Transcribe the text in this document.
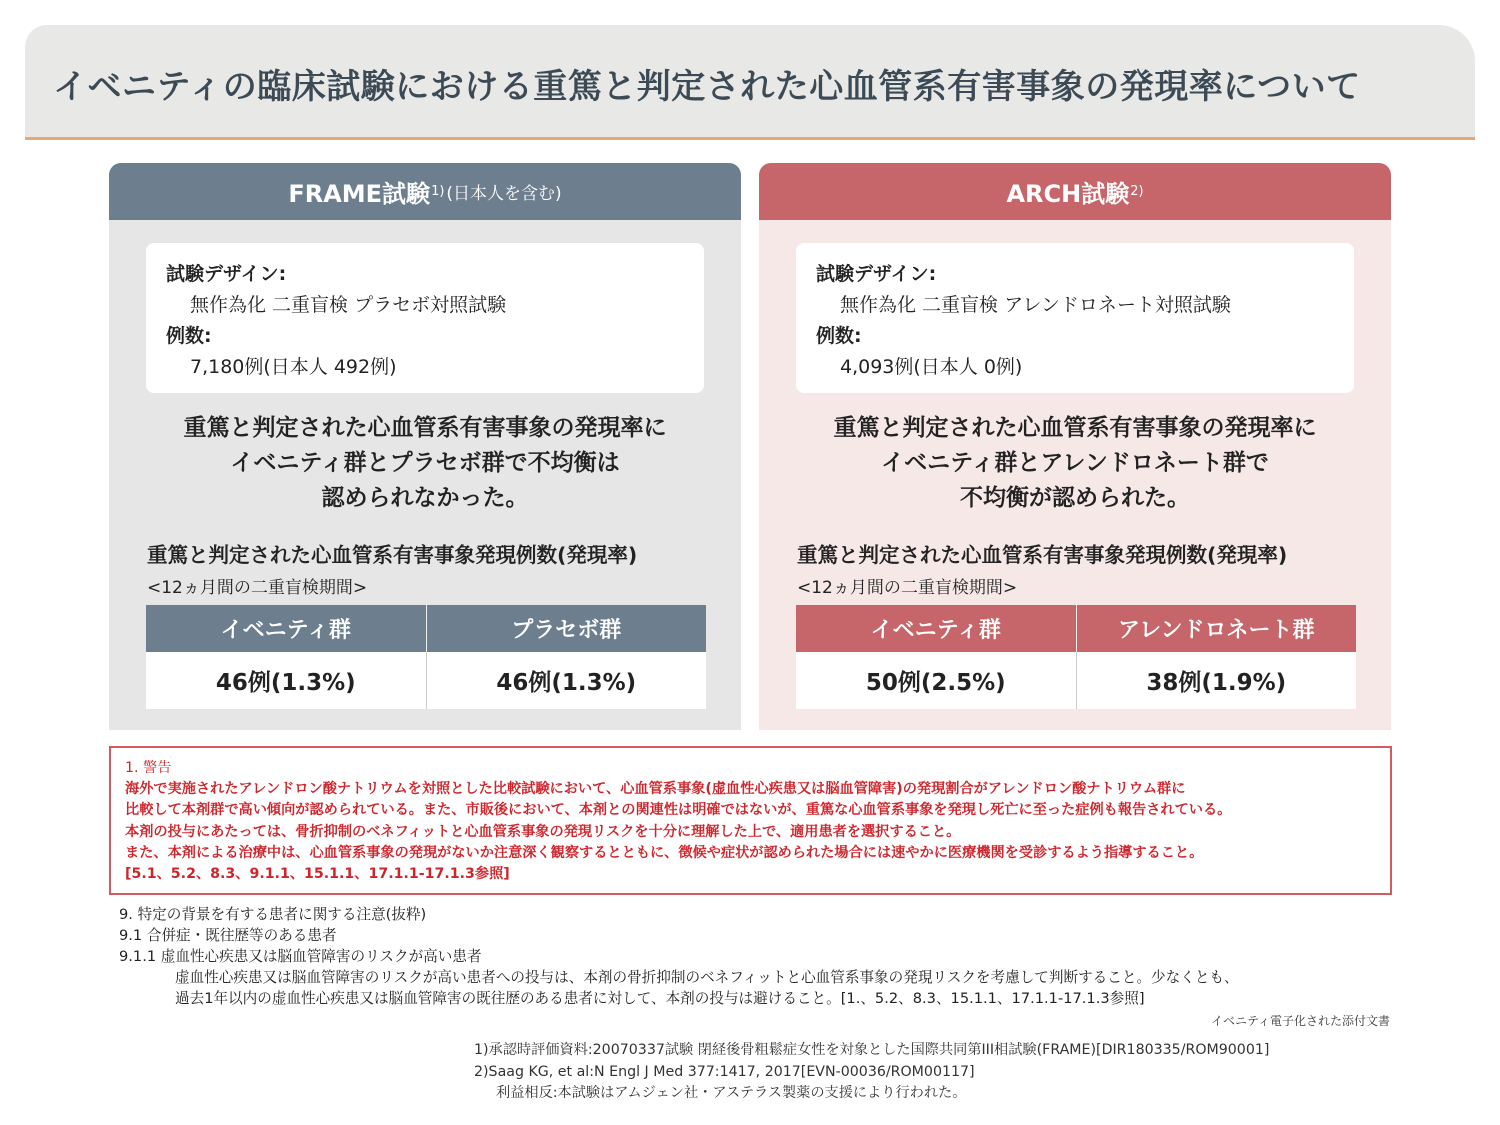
イベニティの臨床試験における重篤と判定された心血管系有害事象の発現率について
FRAME試験 1) (日本人を含む)
試験デザイン:
無作為化 二重盲検 プラセボ対照試験
例数:
7,180例(日本人 492例)
重篤と判定された心血管系有害事象の発現率に
イベニティ群とプラセボ群で不均衡は
認められなかった。
重篤と判定された心血管系有害事象発現例数(発現率)
<12ヵ月間の二重盲検期間>
イベニティ群	プラセボ群
46例(1.3%)	46例(1.3%)
ARCH試験 2)
試験デザイン:
無作為化 二重盲検 アレンドロネート対照試験
例数:
4,093例(日本人 0例)
重篤と判定された心血管系有害事象の発現率に
イベニティ群とアレンドロネート群で
不均衡が認められた。
重篤と判定された心血管系有害事象発現例数(発現率)
<12ヵ月間の二重盲検期間>
イベニティ群	アレンドロネート群
50例(2.5%)	38例(1.9%)
1. 警告
海外で実施されたアレンドロン酸ナトリウムを対照とした比較試験において、心血管系事象(虚血性心疾患又は脳血管障害)の発現割合がアレンドロン酸ナトリウム群に
比較して本剤群で高い傾向が認められている。また、市販後において、本剤との関連性は明確ではないが、重篤な心血管系事象を発現し死亡に至った症例も報告されている。
本剤の投与にあたっては、骨折抑制のベネフィットと心血管系事象の発現リスクを十分に理解した上で、適用患者を選択すること。
また、本剤による治療中は、心血管系事象の発現がないか注意深く観察するとともに、徴候や症状が認められた場合には速やかに医療機関を受診するよう指導すること。
[5.1、5.2、8.3、9.1.1、15.1.1、17.1.1-17.1.3参照]
9. 特定の背景を有する患者に関する注意(抜粋)
9.1 合併症・既往歴等のある患者
9.1.1 虚血性心疾患又は脳血管障害のリスクが高い患者
虚血性心疾患又は脳血管障害のリスクが高い患者への投与は、本剤の骨折抑制のベネフィットと心血管系事象の発現リスクを考慮して判断すること。少なくとも、
過去1年以内の虚血性心疾患又は脳血管障害の既往歴のある患者に対して、本剤の投与は避けること。[1.、5.2、8.3、15.1.1、17.1.1-17.1.3参照]
イベニティ電子化された添付文書
1)承認時評価資料:20070337試験 閉経後骨粗鬆症女性を対象とした国際共同第III相試験(FRAME)[DIR180335/ROM90001]
2)Saag KG, et al:N Engl J Med 377:1417, 2017[EVN-00036/ROM00117]
利益相反:本試験はアムジェン社・アステラス製薬の支援により行われた。
